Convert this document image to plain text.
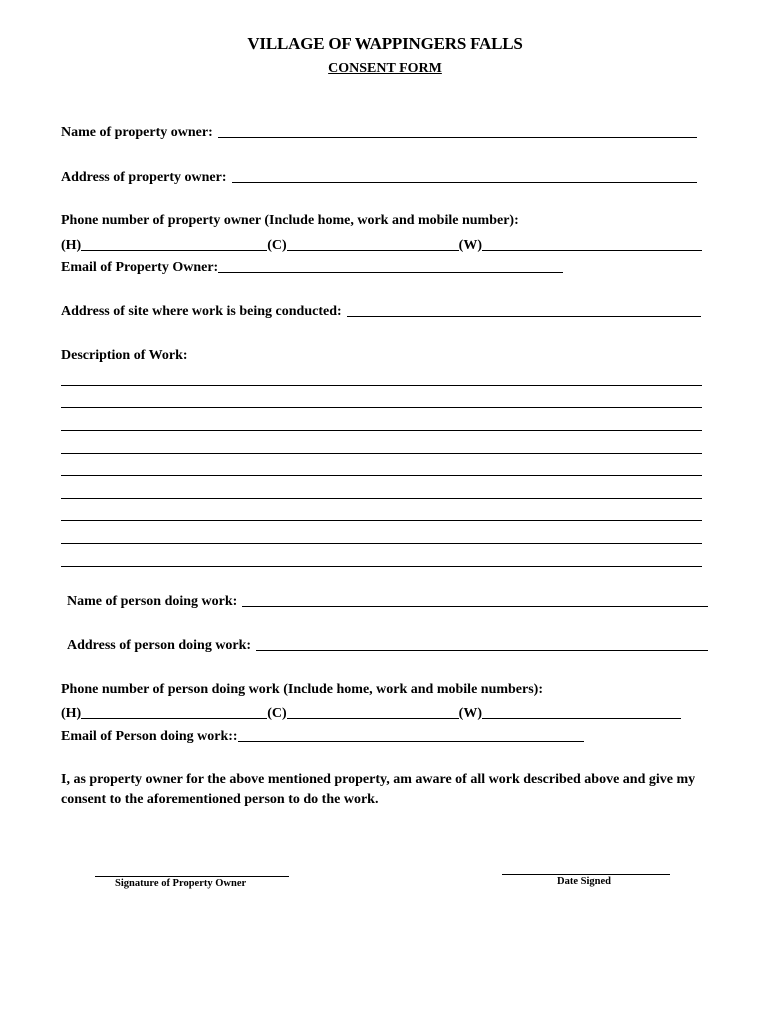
VILLAGE OF WAPPINGERS FALLS
CONSENT FORM
Name of property owner:
Address of property owner:
Phone number of property owner (Include home, work and mobile number):
(H)	(C)	(W)
Email of Property Owner:
Address of site where work is being conducted:
Description of Work:
Name of person doing work:
Address of person doing work:
Phone number of person doing work (Include home, work and mobile numbers):
(H)	(C)	(W)
Email of Person doing work::
I, as property owner for the above mentioned property, am aware of all work described above and give my consent to the aforementioned person to do the work.
Signature of Property Owner	Date Signed
